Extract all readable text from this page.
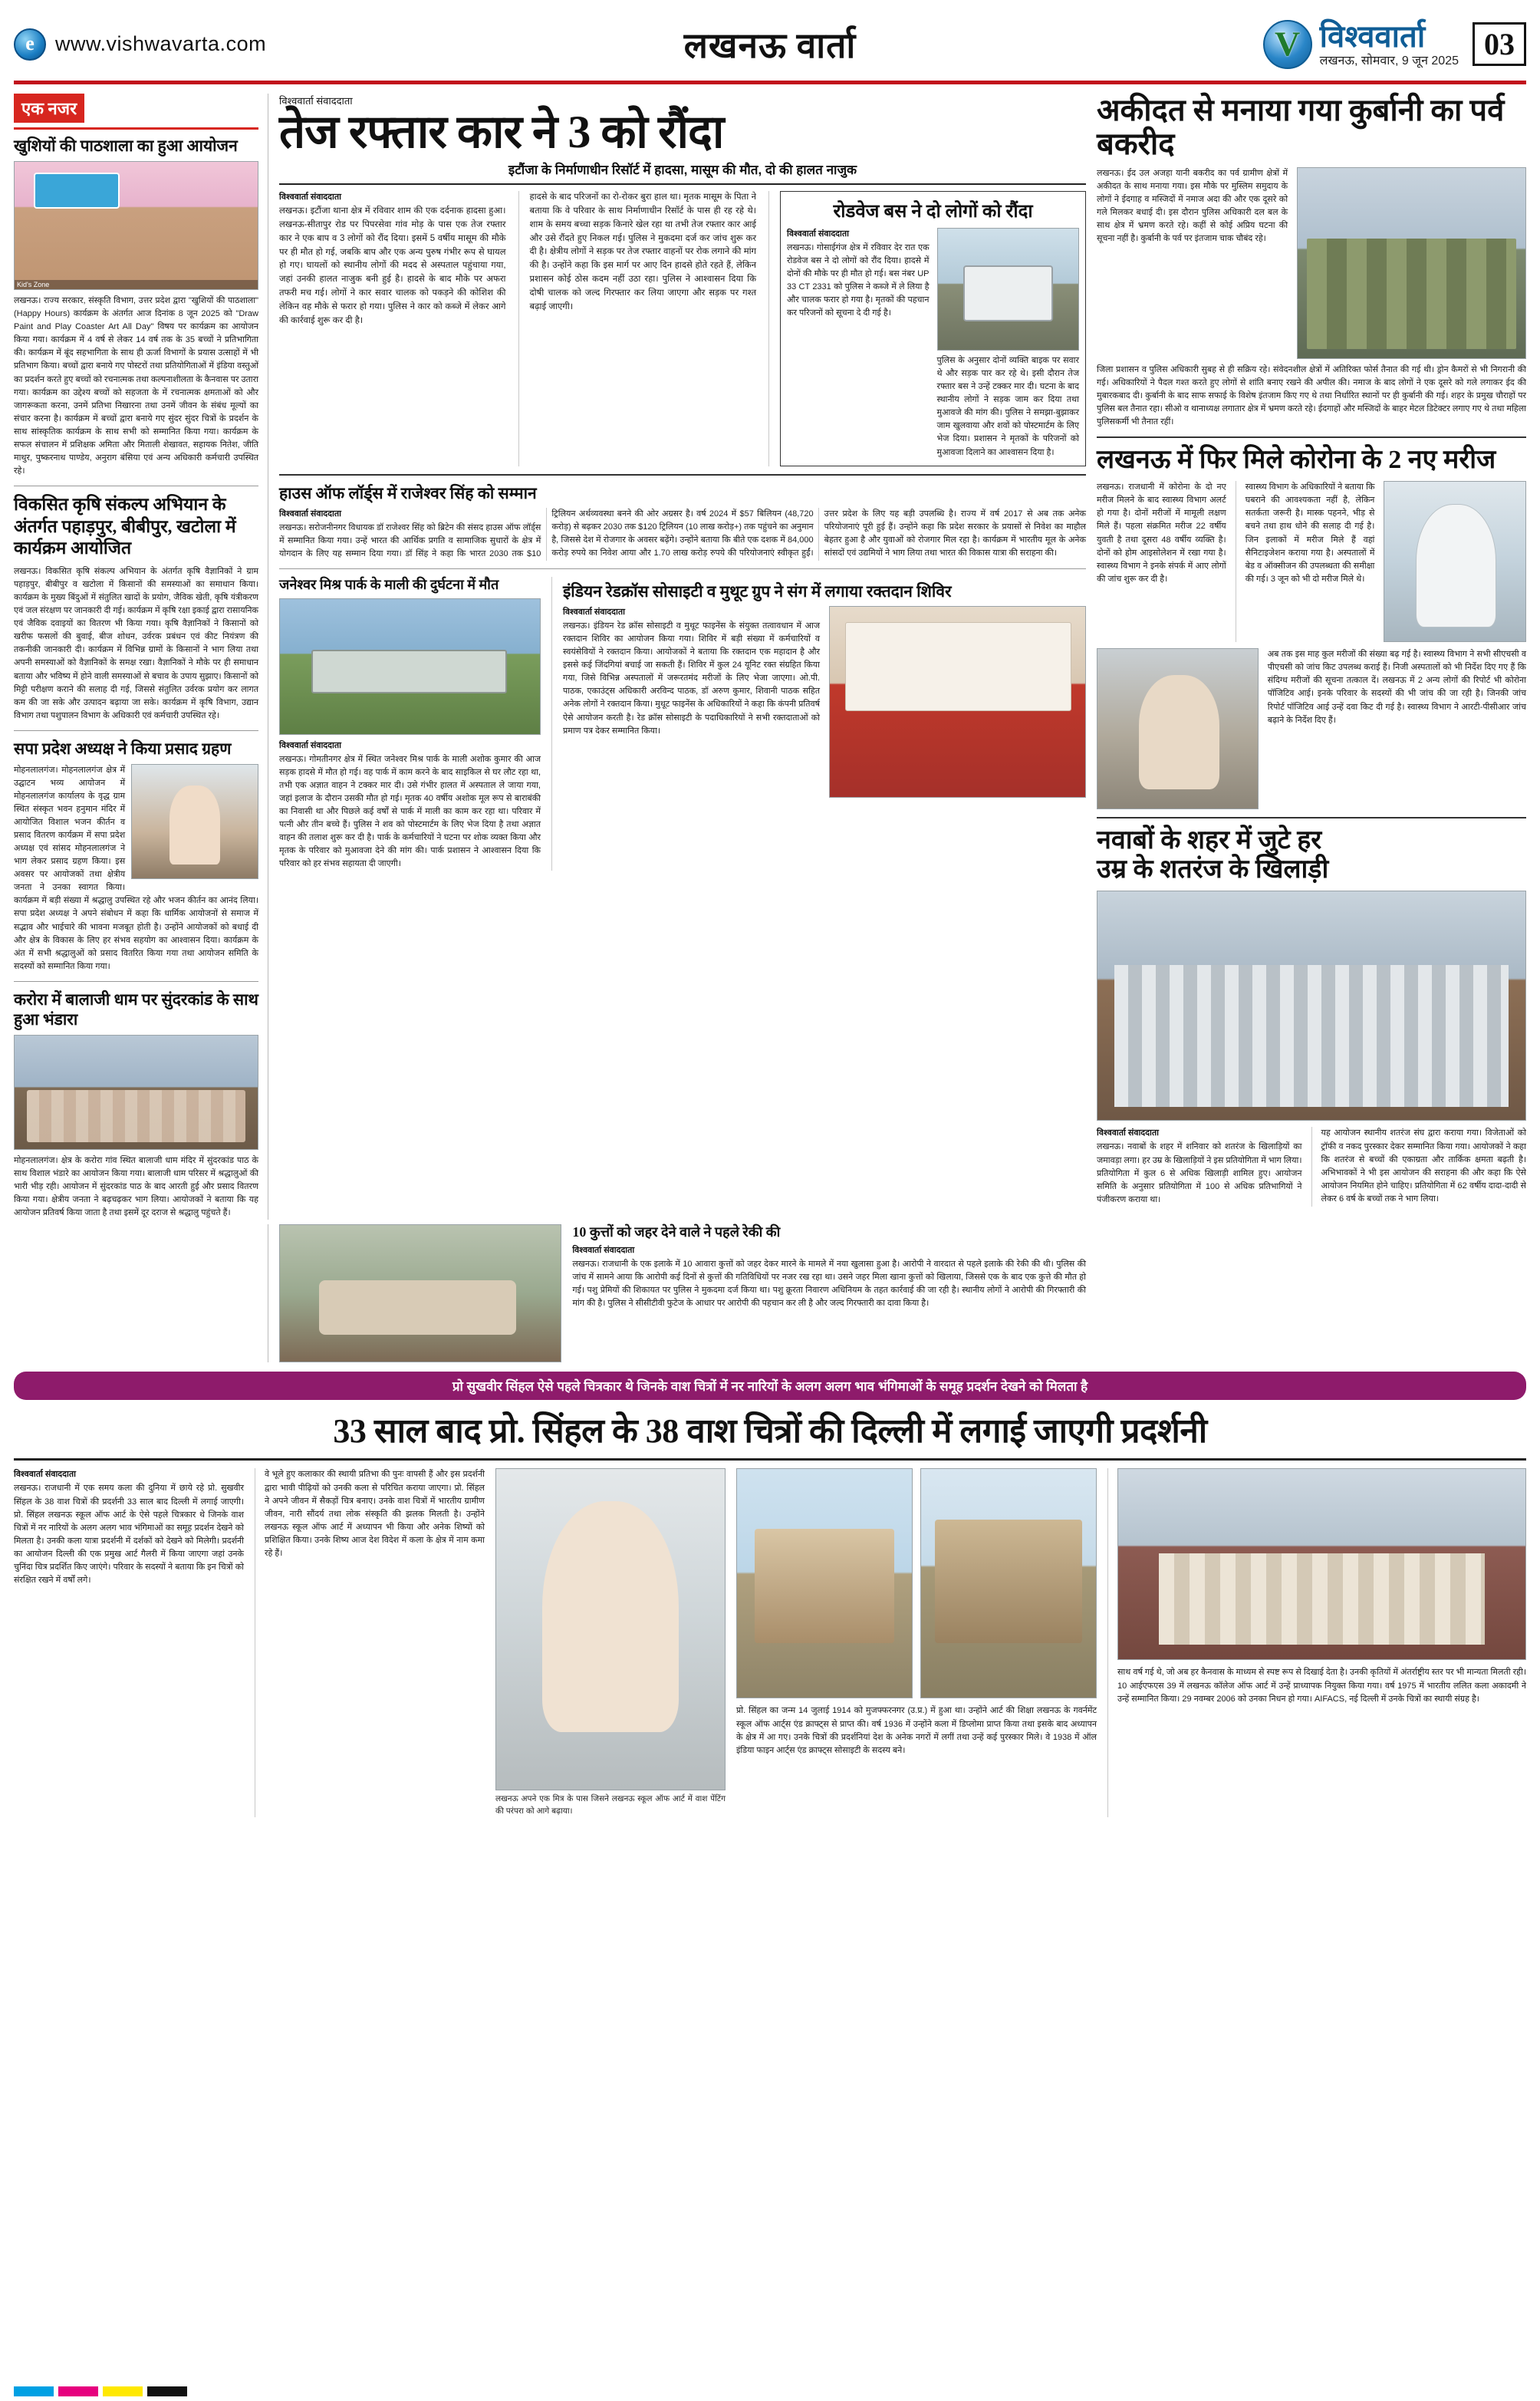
e
www.vishwavarta.com	लखनऊ वार्ता V	विश्ववार्ता
लखनऊ, सोमवार, 9 जून 2025 03
एक नजर
खुशियों की पाठशाला का हुआ आयोजन
Kid's Zone
लखनऊ। राज्य सरकार, संस्कृति विभाग, उत्तर प्रदेश द्वारा "खुशियों की पाठशाला" (Happy Hours) कार्यक्रम के अंतर्गत आज दिनांक 8 जून 2025 को "Draw Paint and Play Coaster Art All Day" विषय पर कार्यक्रम का आयोजन किया गया। कार्यक्रम में 4 वर्ष से लेकर 14 वर्ष तक के 35 बच्चों ने प्रतिभागिता की। कार्यक्रम में बूंद सहभागिता के साथ ही ऊर्जा विभागों के प्रयास उत्साहों में भी प्रतिभाग किया। बच्चों द्वारा बनाये गए पोस्टरों तथा प्रतियोगिताओं में इंडिया वस्तुओं का प्रदर्शन करते हुए बच्चों को रचनात्मक तथा कल्पनाशीलता के कैनवास पर उतारा गया। कार्यक्रम का उद्देश्य बच्चों को सहजता के में रचनात्मक क्षमताओं को और जागरूकता करना, उनमें प्रतिभा निखारना तथा उनमें जीवन के संबंध मूल्यों का संचार करना है। कार्यक्रम में बच्चों द्वारा बनाये गए सुंदर सुंदर चित्रों के प्रदर्शन के साथ सांस्कृतिक कार्यक्रम के साथ सभी को सम्मानित किया गया। कार्यक्रम के सफल संचालन में प्रशिक्षक अमिता और मिताली शेखावत, सहायक नितेश, जीति माथुर, पुष्करनाथ पाण्डेय, अनुराग बंसिया एवं अन्य अधिकारी कर्मचारी उपस्थित रहे।
विकसित कृषि संकल्प अभियान के अंतर्गत पहाड़पुर, बीबीपुर, खटोला में कार्यक्रम आयोजित
लखनऊ। विकसित कृषि संकल्प अभियान के अंतर्गत कृषि वैज्ञानिकों ने ग्राम पहाड़पुर, बीबीपुर व खटोला में किसानों की समस्याओं का समाधान किया। कार्यक्रम के मुख्य बिंदुओं में संतुलित खादों के प्रयोग, जैविक खेती, कृषि यंत्रीकरण एवं जल संरक्षण पर जानकारी दी गई। कार्यक्रम में कृषि रक्षा इकाई द्वारा रासायनिक एवं जैविक दवाइयों का वितरण भी किया गया। कृषि वैज्ञानिकों ने किसानों को खरीफ फसलों की बुवाई, बीज शोधन, उर्वरक प्रबंधन एवं कीट नियंत्रण की तकनीकी जानकारी दी। कार्यक्रम में विभिन्न ग्रामों के किसानों ने भाग लिया तथा अपनी समस्याओं को वैज्ञानिकों के समक्ष रखा। वैज्ञानिकों ने मौके पर ही समाधान बताया और भविष्य में होने वाली समस्याओं से बचाव के उपाय सुझाए। किसानों को मिट्टी परीक्षण कराने की सलाह दी गई, जिससे संतुलित उर्वरक प्रयोग कर लागत कम की जा सके और उत्पादन बढ़ाया जा सके। कार्यक्रम में कृषि विभाग, उद्यान विभाग तथा पशुपालन विभाग के अधिकारी एवं कर्मचारी उपस्थित रहे।
सपा प्रदेश अध्यक्ष ने किया प्रसाद ग्रहण
मोहनलालगंज। मोहनलालगंज क्षेत्र में उद्घाटन भव्य आयोजन में मोहनलालगंज कार्यालय के वृद्ध ग्राम स्थित संस्कृत भवन हनुमान मंदिर में आयोजित विशाल भजन कीर्तन व प्रसाद वितरण कार्यक्रम में सपा प्रदेश अध्यक्ष एवं सांसद मोहनलालगंज ने भाग लेकर प्रसाद ग्रहण किया। इस अवसर पर आयोजकों तथा क्षेत्रीय जनता ने उनका स्वागत किया। कार्यक्रम में बड़ी संख्या में श्रद्धालु उपस्थित रहे और भजन कीर्तन का आनंद लिया। सपा प्रदेश अध्यक्ष ने अपने संबोधन में कहा कि धार्मिक आयोजनों से समाज में सद्भाव और भाईचारे की भावना मजबूत होती है। उन्होंने आयोजकों को बधाई दी और क्षेत्र के विकास के लिए हर संभव सहयोग का आश्वासन दिया। कार्यक्रम के अंत में सभी श्रद्धालुओं को प्रसाद वितरित किया गया तथा आयोजन समिति के सदस्यों को सम्मानित किया गया।
करोरा में बालाजी धाम पर सुंदरकांड के साथ हुआ भंडारा
मोहनलालगंज। क्षेत्र के करोरा गांव स्थित बालाजी धाम मंदिर में सुंदरकांड पाठ के साथ विशाल भंडारे का आयोजन किया गया। बालाजी धाम परिसर में श्रद्धालुओं की भारी भीड़ रही। आयोजन में सुंदरकांड पाठ के बाद आरती हुई और प्रसाद वितरण किया गया। क्षेत्रीय जनता ने बढ़चढ़कर भाग लिया। आयोजकों ने बताया कि यह आयोजन प्रतिवर्ष किया जाता है तथा इसमें दूर दराज से श्रद्धालु पहुंचते हैं।
विश्ववार्ता संवाददाता
तेज रफ्तार कार ने 3 को रौंदा
इटौंजा के निर्माणाधीन रिसॉर्ट में हादसा, मासूम की मौत, दो की हालत नाजुक
विश्ववार्ता संवाददाता
लखनऊ। इटौंजा थाना क्षेत्र में रविवार शाम की एक दर्दनाक हादसा हुआ। लखनऊ-सीतापुर रोड पर पिपरसेवा गांव मोड़ के पास एक तेज रफ्तार कार ने एक बाप व 3 लोगों को रौंद दिया। इसमें 5 वर्षीय मासूम की मौके पर ही मौत हो गई, जबकि बाप और एक अन्य पुरुष गंभीर रूप से घायल हो गए। घायलों को स्थानीय लोगों की मदद से अस्पताल पहुंचाया गया, जहां उनकी हालत नाजुक बनी हुई है। हादसे के बाद मौके पर अफरा तफरी मच गई। लोगों ने कार सवार चालक को पकड़ने की कोशिश की लेकिन वह मौके से फरार हो गया। पुलिस ने कार को कब्जे में लेकर आगे की कार्रवाई शुरू कर दी है।
हादसे के बाद परिजनों का रो-रोकर बुरा हाल था। मृतक मासूम के पिता ने बताया कि वे परिवार के साथ निर्माणाधीन रिसॉर्ट के पास ही रह रहे थे। शाम के समय बच्चा सड़क किनारे खेल रहा था तभी तेज रफ्तार कार आई और उसे रौंदते हुए निकल गई। पुलिस ने मुकदमा दर्ज कर जांच शुरू कर दी है। क्षेत्रीय लोगों ने सड़क पर तेज रफ्तार वाहनों पर रोक लगाने की मांग की है। उन्होंने कहा कि इस मार्ग पर आए दिन हादसे होते रहते हैं, लेकिन प्रशासन कोई ठोस कदम नहीं उठा रहा। पुलिस ने आश्वासन दिया कि दोषी चालक को जल्द गिरफ्तार कर लिया जाएगा और सड़क पर गश्त बढ़ाई जाएगी।
रोडवेज बस ने दो लोगों को रौंदा
विश्ववार्ता संवाददाता
लखनऊ। गोसाईगंज क्षेत्र में रविवार देर रात एक रोडवेज बस ने दो लोगों को रौंद दिया। हादसे में दोनों की मौके पर ही मौत हो गई। बस नंबर UP 33 CT 2331 को पुलिस ने कब्जे में ले लिया है और चालक फरार हो गया है। मृतकों की पहचान कर परिजनों को सूचना दे दी गई है।
पुलिस के अनुसार दोनों व्यक्ति बाइक पर सवार थे और सड़क पार कर रहे थे। इसी दौरान तेज रफ्तार बस ने उन्हें टक्कर मार दी। घटना के बाद स्थानीय लोगों ने सड़क जाम कर दिया तथा मुआवजे की मांग की। पुलिस ने समझा-बुझाकर जाम खुलवाया और शवों को पोस्टमार्टम के लिए भेज दिया। प्रशासन ने मृतकों के परिजनों को मुआवजा दिलाने का आश्वासन दिया है।
हाउस ऑफ लॉर्ड्स में राजेश्वर सिंह को सम्मान
विश्ववार्ता संवाददाता
लखनऊ। सरोजनीनगर विधायक डॉ राजेश्वर सिंह को ब्रिटेन की संसद हाउस ऑफ लॉर्ड्स में सम्मानित किया गया। उन्हें भारत की आर्थिक प्रगति व सामाजिक सुधारों के क्षेत्र में योगदान के लिए यह सम्मान दिया गया। डॉ सिंह ने कहा कि भारत 2030 तक $10 ट्रिलियन अर्थव्यवस्था बनने की ओर अग्रसर है। वर्ष 2024 में $57 बिलियन (48,720 करोड़) से बढ़कर 2030 तक $120 ट्रिलियन (10 लाख करोड़+) तक पहुंचने का अनुमान है, जिससे देश में रोजगार के अवसर बढ़ेंगे। उन्होंने बताया कि बीते एक दशक में 84,000 करोड़ रुपये का निवेश आया और 1.70 लाख करोड़ रुपये की परियोजनाएं स्वीकृत हुईं। उत्तर प्रदेश के लिए यह बड़ी उपलब्धि है। राज्य में वर्ष 2017 से अब तक अनेक परियोजनाएं पूरी हुई हैं। उन्होंने कहा कि प्रदेश सरकार के प्रयासों से निवेश का माहौल बेहतर हुआ है और युवाओं को रोजगार मिल रहा है। कार्यक्रम में भारतीय मूल के अनेक सांसदों एवं उद्यमियों ने भाग लिया तथा भारत की विकास यात्रा की सराहना की।
जनेश्वर मिश्र पार्क के माली की दुर्घटना में मौत
विश्ववार्ता संवाददाता
लखनऊ। गोमतीनगर क्षेत्र में स्थित जनेश्वर मिश्र पार्क के माली अशोक कुमार की आज सड़क हादसे में मौत हो गई। वह पार्क में काम करने के बाद साइकिल से घर लौट रहा था, तभी एक अज्ञात वाहन ने टक्कर मार दी। उसे गंभीर हालत में अस्पताल ले जाया गया, जहां इलाज के दौरान उसकी मौत हो गई। मृतक 40 वर्षीय अशोक मूल रूप से बाराबंकी का निवासी था और पिछले कई वर्षों से पार्क में माली का काम कर रहा था। परिवार में पत्नी और तीन बच्चे हैं। पुलिस ने शव को पोस्टमार्टम के लिए भेज दिया है तथा अज्ञात वाहन की तलाश शुरू कर दी है। पार्क के कर्मचारियों ने घटना पर शोक व्यक्त किया और मृतक के परिवार को मुआवजा देने की मांग की। पार्क प्रशासन ने आश्वासन दिया कि परिवार को हर संभव सहायता दी जाएगी।
इंडियन रेडक्रॉस सोसाइटी व मुथूट ग्रुप ने संग में लगाया रक्तदान शिविर
विश्ववार्ता संवाददाता
लखनऊ। इंडियन रेड क्रॉस सोसाइटी व मुथूट फाइनेंस के संयुक्त तत्वावधान में आज रक्तदान शिविर का आयोजन किया गया। शिविर में बड़ी संख्या में कर्मचारियों व स्वयंसेवियों ने रक्तदान किया। आयोजकों ने बताया कि रक्तदान एक महादान है और इससे कई जिंदगियां बचाई जा सकती हैं। शिविर में कुल 24 यूनिट रक्त संग्रहित किया गया, जिसे विभिन्न अस्पतालों में जरूरतमंद मरीजों के लिए भेजा जाएगा। ओ.पी. पाठक, एकाउंट्स अधिकारी अरविन्द पाठक, डॉ अरुण कुमार, शिवानी पाठक सहित अनेक लोगों ने रक्तदान किया। मुथूट फाइनेंस के अधिकारियों ने कहा कि कंपनी प्रतिवर्ष ऐसे आयोजन करती है। रेड क्रॉस सोसाइटी के पदाधिकारियों ने सभी रक्तदाताओं को प्रमाण पत्र देकर सम्मानित किया।
अकीदत से मनाया गया कुर्बानी का पर्व बकरीद
लखनऊ। ईद उल अजहा यानी बकरीद का पर्व ग्रामीण क्षेत्रों में अकीदत के साथ मनाया गया। इस मौके पर मुस्लिम समुदाय के लोगों ने ईदगाह व मस्जिदों में नमाज अदा की और एक दूसरे को गले मिलकर बधाई दी। इस दौरान पुलिस अधिकारी दल बल के साथ क्षेत्र में भ्रमण करते रहे। कहीं से कोई अप्रिय घटना की सूचना नहीं है। कुर्बानी के पर्व पर इंतजाम चाक चौबंद रहे।
जिला प्रशासन व पुलिस अधिकारी सुबह से ही सक्रिय रहे। संवेदनशील क्षेत्रों में अतिरिक्त फोर्स तैनात की गई थी। ड्रोन कैमरों से भी निगरानी की गई। अधिकारियों ने पैदल गश्त करते हुए लोगों से शांति बनाए रखने की अपील की। नमाज के बाद लोगों ने एक दूसरे को गले लगाकर ईद की मुबारकबाद दी। कुर्बानी के बाद साफ सफाई के विशेष इंतजाम किए गए थे तथा निर्धारित स्थानों पर ही कुर्बानी की गई। शहर के प्रमुख चौराहों पर पुलिस बल तैनात रहा। सीओ व थानाध्यक्ष लगातार क्षेत्र में भ्रमण करते रहे। ईदगाहों और मस्जिदों के बाहर मेटल डिटेक्टर लगाए गए थे तथा महिला पुलिसकर्मी भी तैनात रहीं।
लखनऊ में फिर मिले कोरोना के 2 नए मरीज
लखनऊ। राजधानी में कोरोना के दो नए मरीज मिलने के बाद स्वास्थ्य विभाग अलर्ट हो गया है। दोनों मरीजों में मामूली लक्षण मिले हैं। पहला संक्रमित मरीज 22 वर्षीय युवती है तथा दूसरा 48 वर्षीय व्यक्ति है। दोनों को होम आइसोलेशन में रखा गया है। स्वास्थ्य विभाग ने इनके संपर्क में आए लोगों की जांच शुरू कर दी है।
स्वास्थ्य विभाग के अधिकारियों ने बताया कि घबराने की आवश्यकता नहीं है, लेकिन सतर्कता जरूरी है। मास्क पहनने, भीड़ से बचने तथा हाथ धोने की सलाह दी गई है। जिन इलाकों में मरीज मिले हैं वहां सैनिटाइजेशन कराया गया है। अस्पतालों में बेड व ऑक्सीजन की उपलब्धता की समीक्षा की गई। 3 जून को भी दो मरीज मिले थे।
अब तक इस माह कुल मरीजों की संख्या बढ़ गई है। स्वास्थ्य विभाग ने सभी सीएचसी व पीएचसी को जांच किट उपलब्ध कराई हैं। निजी अस्पतालों को भी निर्देश दिए गए हैं कि संदिग्ध मरीजों की सूचना तत्काल दें। लखनऊ में 2 अन्य लोगों की रिपोर्ट भी कोरोना पॉजिटिव आई। इनके परिवार के सदस्यों की भी जांच की जा रही है। जिनकी जांच रिपोर्ट पॉजिटिव आई उन्हें दवा किट दी गई है। स्वास्थ्य विभाग ने आरटी-पीसीआर जांच बढ़ाने के निर्देश दिए हैं।
नवाबों के शहर में जुटे हर
उम्र के शतरंज के खिलाड़ी
विश्ववार्ता संवाददाता
लखनऊ। नवाबों के शहर में शनिवार को शतरंज के खिलाड़ियों का जमावड़ा लगा। हर उम्र के खिलाड़ियों ने इस प्रतियोगिता में भाग लिया। प्रतियोगिता में कुल 6 से अधिक खिलाड़ी शामिल हुए। आयोजन समिति के अनुसार प्रतियोगिता में 100 से अधिक प्रतिभागियों ने पंजीकरण कराया था।
यह आयोजन स्थानीय शतरंज संघ द्वारा कराया गया। विजेताओं को ट्रॉफी व नकद पुरस्कार देकर सम्मानित किया गया। आयोजकों ने कहा कि शतरंज से बच्चों की एकाग्रता और तार्किक क्षमता बढ़ती है। अभिभावकों ने भी इस आयोजन की सराहना की और कहा कि ऐसे आयोजन नियमित होने चाहिए। प्रतियोगिता में 62 वर्षीय दादा-दादी से लेकर 6 वर्ष के बच्चों तक ने भाग लिया।
10 कुत्तों को जहर देने वाले ने पहले रेकी की
विश्ववार्ता संवाददाता
लखनऊ। राजधानी के एक इलाके में 10 आवारा कुत्तों को जहर देकर मारने के मामले में नया खुलासा हुआ है। आरोपी ने वारदात से पहले इलाके की रेकी की थी। पुलिस की जांच में सामने आया कि आरोपी कई दिनों से कुत्तों की गतिविधियों पर नजर रख रहा था। उसने जहर मिला खाना कुत्तों को खिलाया, जिससे एक के बाद एक कुत्ते की मौत हो गई। पशु प्रेमियों की शिकायत पर पुलिस ने मुकदमा दर्ज किया था। पशु क्रूरता निवारण अधिनियम के तहत कार्रवाई की जा रही है। स्थानीय लोगों ने आरोपी की गिरफ्तारी की मांग की है। पुलिस ने सीसीटीवी फुटेज के आधार पर आरोपी की पहचान कर ली है और जल्द गिरफ्तारी का दावा किया है।
प्रो सुखवीर सिंहल ऐसे पहले चित्रकार थे जिनके वाश चित्रों में नर नारियों के अलग अलग भाव भंगिमाओं के समूह प्रदर्शन देखने को मिलता है
33 साल बाद प्रो. सिंहल के 38 वाश चित्रों की दिल्ली में लगाई जाएगी प्रदर्शनी
विश्ववार्ता संवाददाता
लखनऊ। राजधानी में एक समय कला की दुनिया में छाये रहे प्रो. सुखवीर सिंहल के 38 वाश चित्रों की प्रदर्शनी 33 साल बाद दिल्ली में लगाई जाएगी। प्रो. सिंहल लखनऊ स्कूल ऑफ आर्ट के ऐसे पहले चित्रकार थे जिनके वाश चित्रों में नर नारियों के अलग अलग भाव भंगिमाओं का समूह प्रदर्शन देखने को मिलता है। उनकी कला यात्रा प्रदर्शनी में दर्शकों को देखने को मिलेगी। प्रदर्शनी का आयोजन दिल्ली की एक प्रमुख आर्ट गैलरी में किया जाएगा जहां उनके चुनिंदा चित्र प्रदर्शित किए जाएंगे। परिवार के सदस्यों ने बताया कि इन चित्रों को संरक्षित रखने में वर्षों लगे।
वे भूले हुए कलाकार की स्थायी प्रतिभा की पुनः वापसी हैं और इस प्रदर्शनी द्वारा भावी पीढ़ियों को उनकी कला से परिचित कराया जाएगा। प्रो. सिंहल ने अपने जीवन में सैकड़ों चित्र बनाए। उनके वाश चित्रों में भारतीय ग्रामीण जीवन, नारी सौंदर्य तथा लोक संस्कृति की झलक मिलती है। उन्होंने लखनऊ स्कूल ऑफ आर्ट में अध्यापन भी किया और अनेक शिष्यों को प्रशिक्षित किया। उनके शिष्य आज देश विदेश में कला के क्षेत्र में नाम कमा रहे हैं।
लखनऊ अपने एक मित्र के पास जिसने लखनऊ स्कूल ऑफ आर्ट में वाश पेंटिंग की परंपरा को आगे बढ़ाया।
प्रो. सिंहल का जन्म 14 जुलाई 1914 को मुजफ्फरनगर (उ.प्र.) में हुआ था। उन्होंने आर्ट की शिक्षा लखनऊ के गवर्नमेंट स्कूल ऑफ आर्ट्स एंड क्राफ्ट्स से प्राप्त की। वर्ष 1936 में उन्होंने कला में डिप्लोमा प्राप्त किया तथा इसके बाद अध्यापन के क्षेत्र में आ गए। उनके चित्रों की प्रदर्शनियां देश के अनेक नगरों में लगीं तथा उन्हें कई पुरस्कार मिले। वे 1938 में ऑल इंडिया फाइन आर्ट्स एंड क्राफ्ट्स सोसाइटी के सदस्य बने।
साथ वर्ष गई थे, जो अब हर कैनवास के माध्यम से स्पष्ट रूप से दिखाई देता है। उनकी कृतियों में अंतर्राष्ट्रीय स्तर पर भी मान्यता मिलती रही। 10 आईएफएस 39 में लखनऊ कॉलेज ऑफ आर्ट में उन्हें प्राध्यापक नियुक्त किया गया। वर्ष 1975 में भारतीय ललित कला अकादमी ने उन्हें सम्मानित किया। 29 नवम्बर 2006 को उनका निधन हो गया। AIFACS, नई दिल्ली में उनके चित्रों का स्थायी संग्रह है।
